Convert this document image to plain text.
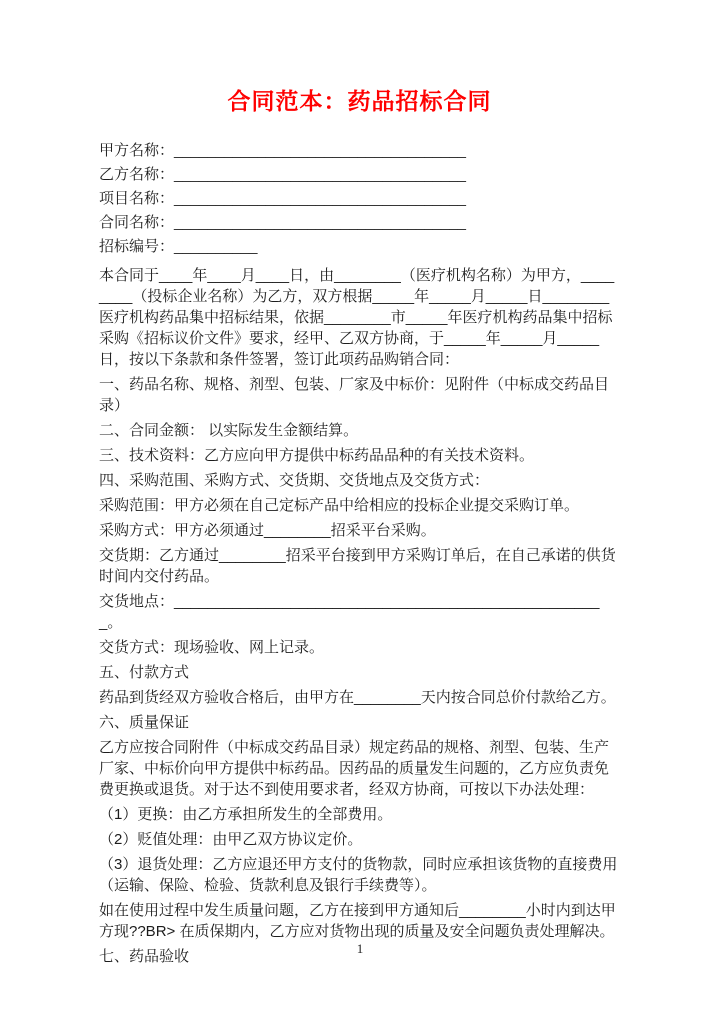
合同范本：药品招标合同

甲方名称：___________________________________

乙方名称：___________________________________

项目名称：___________________________________

合同名称：___________________________________

招标编号：__________

本合同于____年____月____日，由________（医疗机构名称）为甲方，________（投标企业名称）为乙方，双方根据_____年_____月_____日________医疗机构药品集中招标结果，依据________市_____年医疗机构药品集中招标采购《招标议价文件》要求，经甲、乙双方协商，于_____年_____月_____日，按以下条款和条件签署，签订此项药品购销合同：

一、药品名称、规格、剂型、包装、厂家及中标价：见附件（中标成交药品目录）

二、合同金额： 以实际发生金额结算。

三、技术资料：乙方应向甲方提供中标药品品种的有关技术资料。

四、采购范围、采购方式、交货期、交货地点及交货方式：

采购范围：甲方必须在自己定标产品中给相应的投标企业提交采购订单。

采购方式：甲方必须通过________招采平台采购。

交货期：乙方通过________招采平台接到甲方采购订单后，在自己承诺的供货时间内交付药品。

交货地点：____________________________________________________。

交货方式：现场验收、网上记录。

五、付款方式

药品到货经双方验收合格后，由甲方在________天内按合同总价付款给乙方。

六、质量保证

乙方应按合同附件（中标成交药品目录）规定药品的规格、剂型、包装、生产厂家、中标价向甲方提供中标药品。因药品的质量发生问题的，乙方应负责免费更换或退货。对于达不到使用要求者，经双方协商，可按以下办法处理：

（1）更换：由乙方承担所发生的全部费用。

（2）贬值处理：由甲乙双方协议定价。

（3）退货处理：乙方应退还甲方支付的货物款，同时应承担该货物的直接费用（运输、保险、检验、货款利息及银行手续费等）。

如在使用过程中发生质量问题，乙方在接到甲方通知后________小时内到达甲方现??BR> 在质保期内，乙方应对货物出现的质量及安全问题负责处理解决。

七、药品验收	1
